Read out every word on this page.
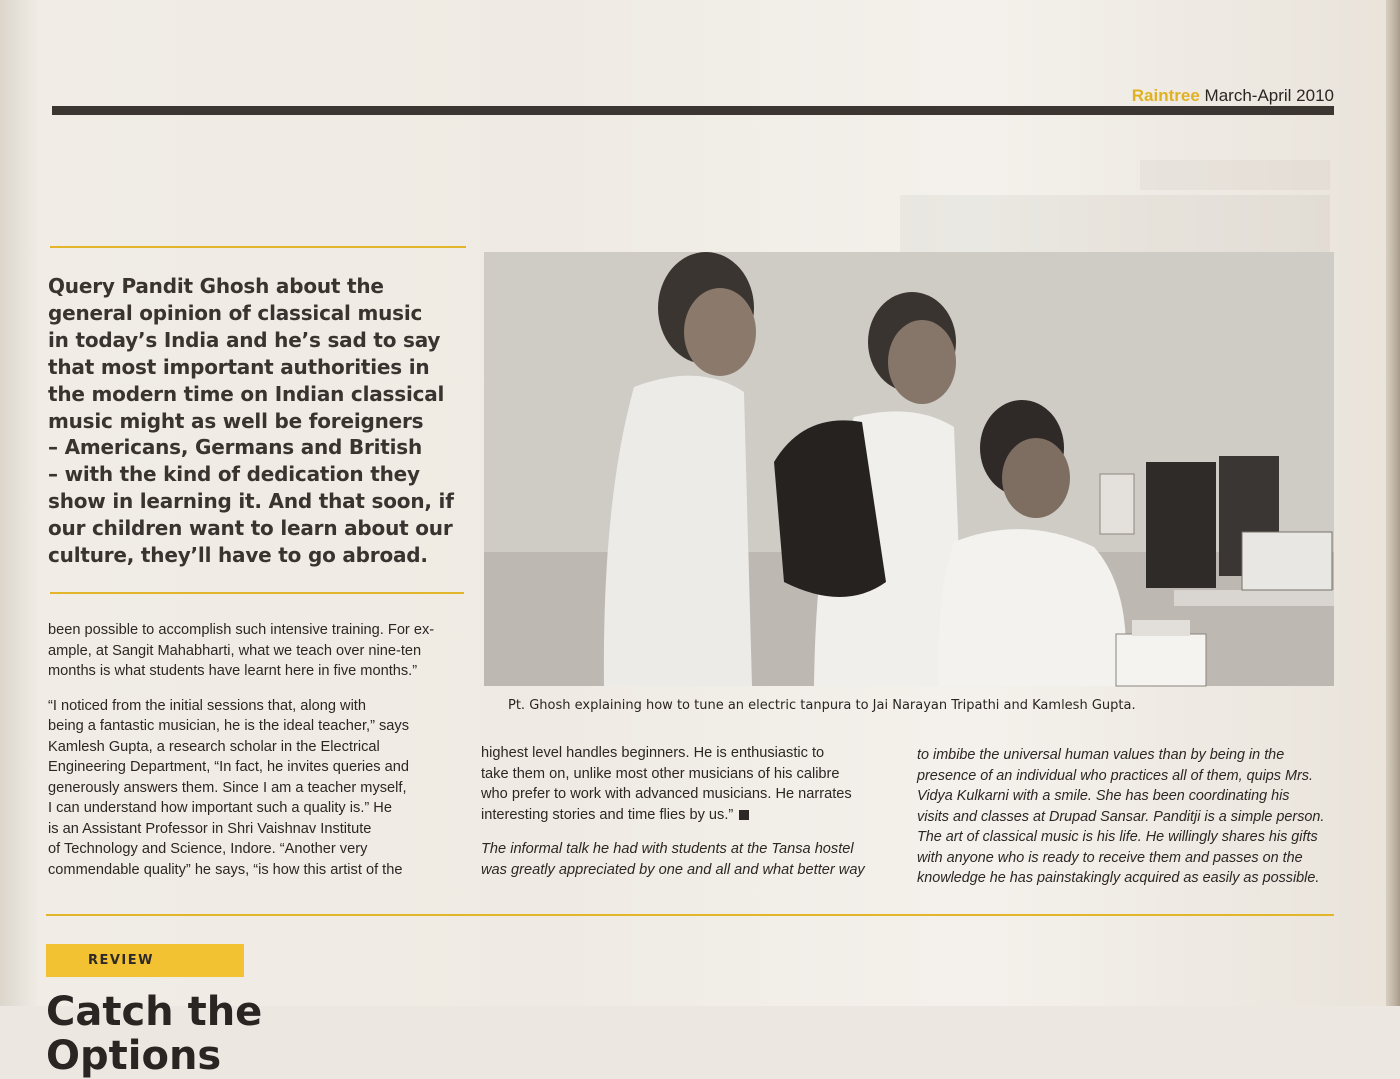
Raintree March-April 2010
Query Pandit Ghosh about the
general opinion of classical music
in today’s India and he’s sad to say
that most important authorities in
the modern time on Indian classical
music might as well be foreigners
– Americans, Germans and British
– with the kind of dedication they
show in learning it. And that soon, if
our children want to learn about our
culture, they’ll have to go abroad.

been possible to accomplish such intensive training. For ex-
ample, at Sangit Mahabharti, what we teach over nine-ten
months is what students have learnt here in five months.”

“I noticed from the initial sessions that, along with
being a fantastic musician, he is the ideal teacher,” says
Kamlesh Gupta, a research scholar in the Electrical
Engineering Department, “In fact, he invites queries and
generously answers them. Since I am a teacher myself,
I can understand how important such a quality is.” He
is an Assistant Professor in Shri Vaishnav Institute
of Technology and Science, Indore. “Another very
commendable quality” he says, “is how this artist of the

Pt. Ghosh explaining how to tune an electric tanpura to Jai Narayan Tripathi and Kamlesh Gupta.

highest level handles beginners. He is enthusiastic to
take them on, unlike most other musicians of his calibre
who prefer to work with advanced musicians. He narrates
interesting stories and time flies by us.”

The informal talk he had with students at the Tansa hostel
was greatly appreciated by one and all and what better way

to imbibe the universal human values than by being in the
presence of an individual who practices all of them, quips Mrs.
Vidya Kulkarni with a smile. She has been coordinating his
visits and classes at Drupad Sansar. Panditji is a simple person.
The art of classical music is his life. He willingly shares his gifts
with anyone who is ready to receive them and passes on the
knowledge he has painstakingly acquired as easily as possible.
REVIEW
Catch the Options
